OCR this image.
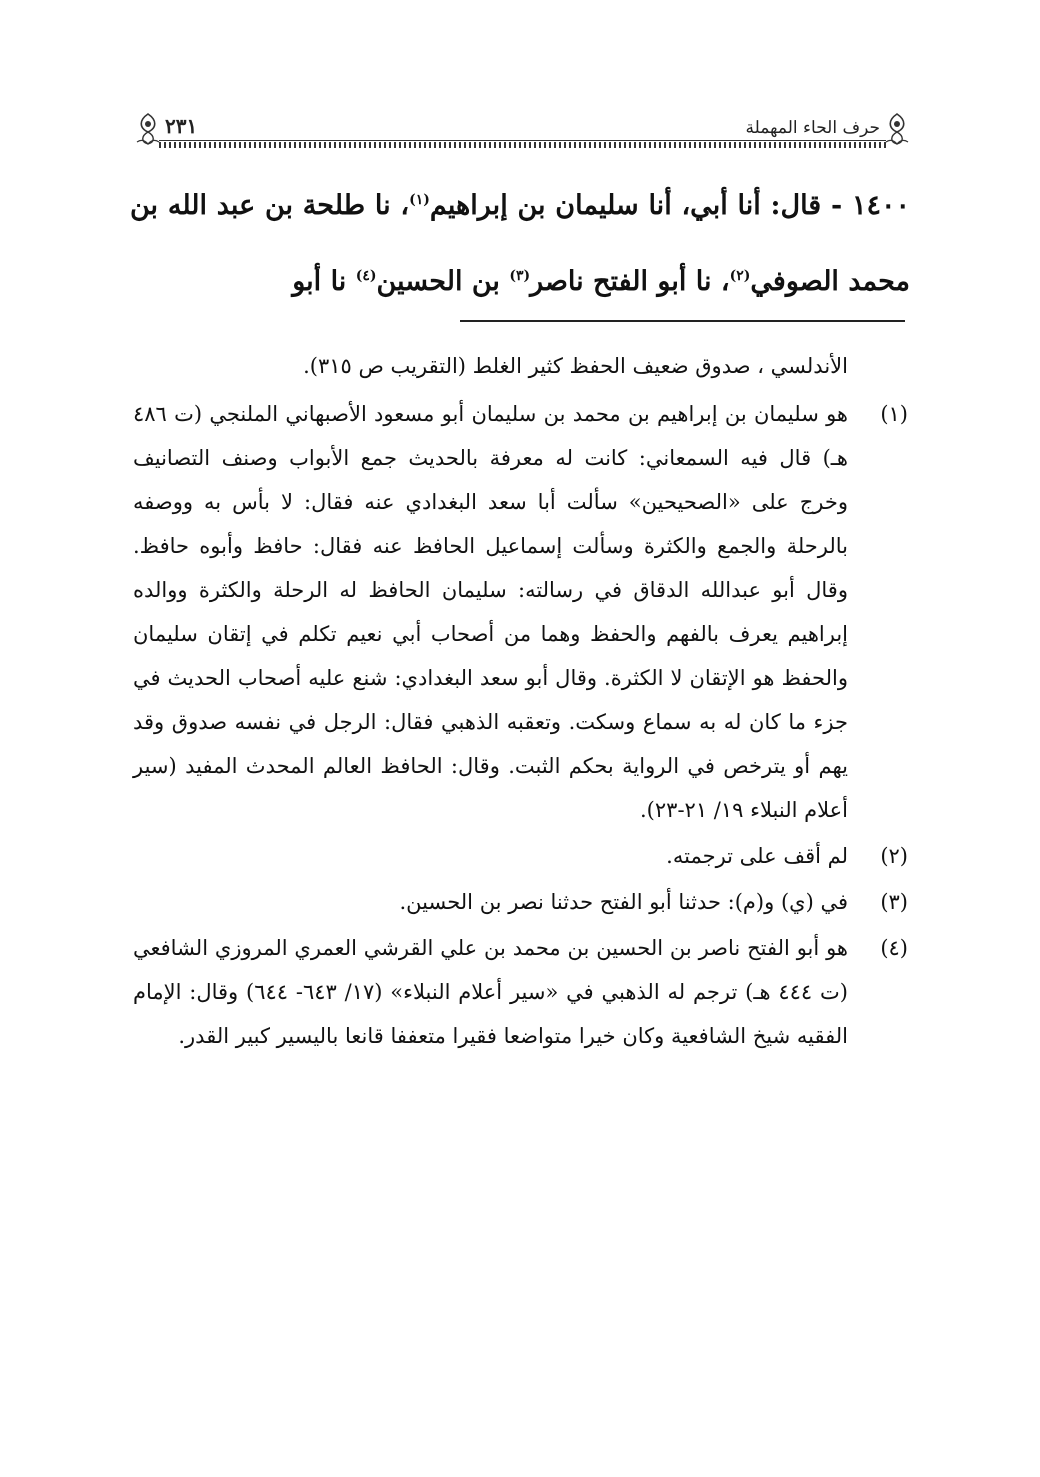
حرف الحاء المهملة
٢٣١

١٤٠٠ - قال: أنا أبي، أنا سليمان بن إبراهيم$^{(١)}$، نا طلحة بن عبد الله بن محمد الصوفي$^{(٢)}$، نا أبو الفتح ناصر$^{(٣)}$ بن الحسين$^{(٤)}$ نا أبو

الأندلسي ، صدوق ضعيف الحفظ كثير الغلط (التقريب ص ٣١٥).

(١)
هو سليمان بن إبراهيم بن محمد بن سليمان أبو مسعود الأصبهاني الملنجي (ت ٤٨٦ هـ) قال فيه السمعاني: كانت له معرفة بالحديث جمع الأبواب وصنف التصانيف وخرج على «الصحيحين» سألت أبا سعد البغدادي عنه فقال: لا بأس به ووصفه بالرحلة والجمع والكثرة وسألت إسماعيل الحافظ عنه فقال: حافظ وأبوه حافظ. وقال أبو عبدالله الدقاق في رسالته: سليمان الحافظ له الرحلة والكثرة ووالده إبراهيم يعرف بالفهم والحفظ وهما من أصحاب أبي نعيم تكلم في إتقان سليمان والحفظ هو الإتقان لا الكثرة. وقال أبو سعد البغدادي: شنع عليه أصحاب الحديث في جزء ما كان له به سماع وسكت. وتعقبه الذهبي فقال: الرجل في نفسه صدوق وقد يهم أو يترخص في الرواية بحكم الثبت. وقال: الحافظ العالم المحدث المفيد (سير أعلام النبلاء ١٩/ ٢١-٢٣).
(٢)
لم أقف على ترجمته.
(٣)
في (ي) و(م): حدثنا أبو الفتح حدثنا نصر بن الحسين.
(٤)
هو أبو الفتح ناصر بن الحسين بن محمد بن علي القرشي العمري المروزي الشافعي (ت ٤٤٤ هـ) ترجم له الذهبي في «سير أعلام النبلاء» (١٧/ ٦٤٣- ٦٤٤) وقال: الإمام الفقيه شيخ الشافعية وكان خيرا متواضعا فقيرا متعففا قانعا باليسير كبير القدر.
